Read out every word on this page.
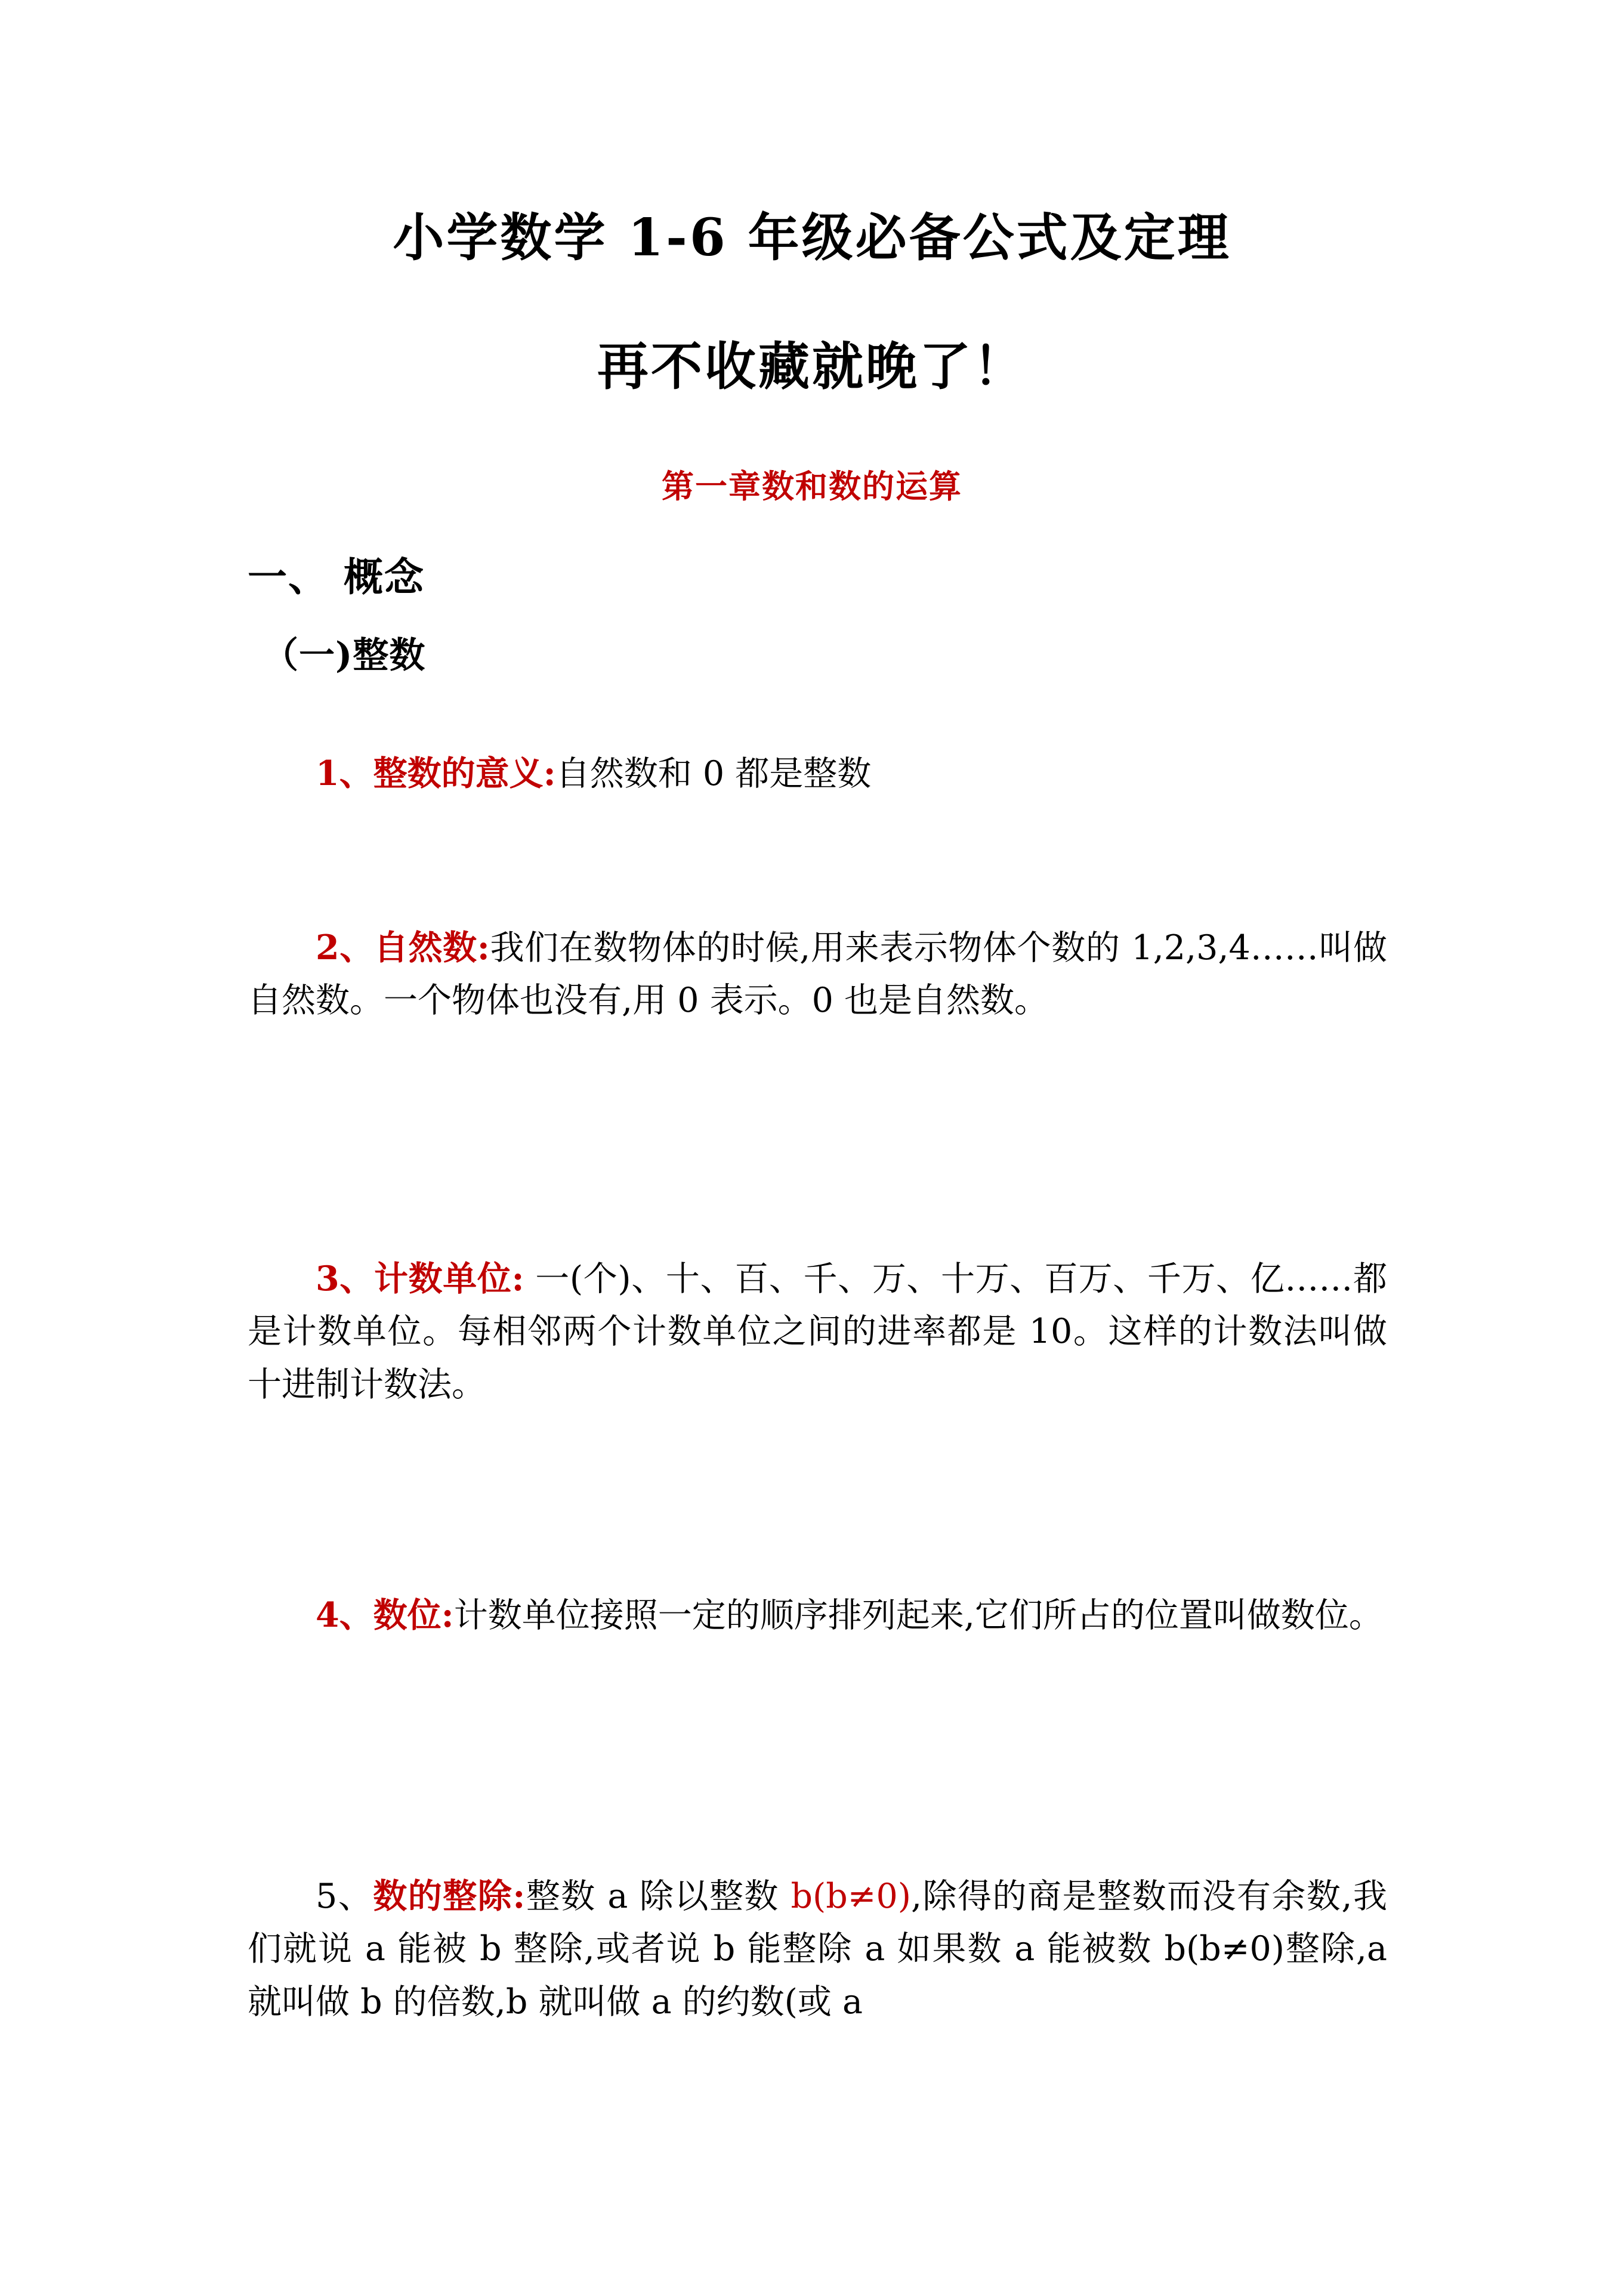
小学数学 1-6 年级必备公式及定理
再不收藏就晚了！
第一章数和数的运算
一、 概念
（一)整数

1、整数的意义:自然数和 0 都是整数

2、自然数:我们在数物体的时候,用来表示物体个数的 1,2,3,4……叫做自然数。一个物体也没有,用 0 表示。0 也是自然数。

3、计数单位: 一(个)、十、百、千、万、十万、百万、千万、亿……都是计数单位。每相邻两个计数单位之间的进率都是 10。这样的计数法叫做十进制计数法。

4、数位:计数单位接照一定的顺序排列起来,它们所占的位置叫做数位。

5、数的整除:整数 a 除以整数 b(b≠0),除得的商是整数而没有余数,我们就说 a 能被 b 整除,或者说 b 能整除 a 如果数 a 能被数 b(b≠0)整除,a 就叫做 b 的倍数,b 就叫做 a 的约数(或 a
